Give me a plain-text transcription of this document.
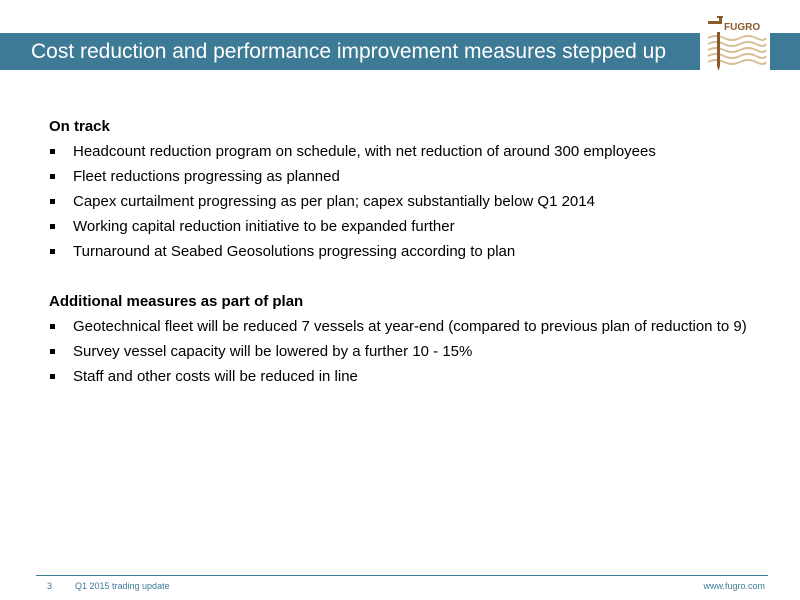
Cost reduction and performance improvement measures stepped up
FUGRO
On track
Headcount reduction program on schedule, with net reduction of around 300 employees
Fleet reductions progressing as planned
Capex curtailment progressing as per plan; capex substantially below Q1 2014
Working capital reduction initiative to be expanded further
Turnaround at Seabed Geosolutions progressing according to plan
Additional measures as part of plan
Geotechnical fleet will be reduced 7 vessels at year-end (compared to previous plan of reduction to 9)
Survey vessel capacity will be lowered by a further 10 - 15%
Staff and other costs will be reduced in line
3	Q1 2015 trading update	www.fugro.com
